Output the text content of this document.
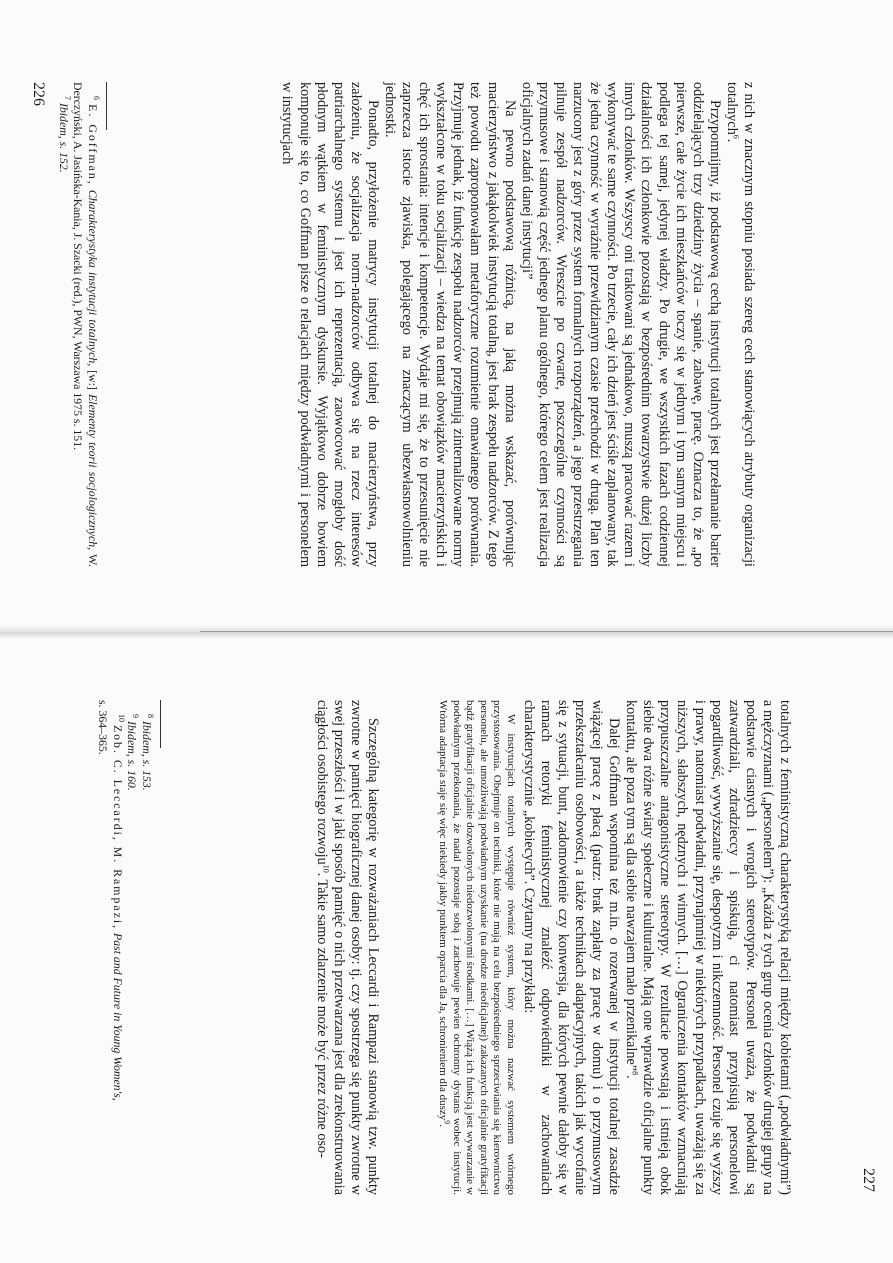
z nich w znacznym stopniu posiada szereg cech stanowiących atrybuty organizacji totalnych$^6$.

Przypomnijmy, iż podstawową cechą instytucji totalnych jest przełamanie barier oddzielających trzy dziedziny życia – spanie, zabawę, pracę. Oznacza to, że „po pierwsze, całe życie ich mieszkańców toczy się w jednym i tym samym miejscu i podlega tej samej, jedynej władzy. Po drugie, we wszystkich fazach codziennej działalności ich członkowie pozostają w bezpośrednim towarzystwie dużej liczby innych członków. Wszyscy oni traktowani są jednakowo, muszą pracować razem i wykonywać te same czynności. Po trzecie, cały ich dzień jest ściśle zaplanowany, tak że jedna czynność w wyraźnie przewidzianym czasie przechodzi w drugą. Plan ten narzucony jest z góry przez system formalnych rozporządzeń, a jego przestrzegania pilnuje zespół nadzorców. Wreszcie po czwarte, poszczególne czynności są przymusowe i stanowią część jednego planu ogólnego, którego celem jest realizacja oficjalnych zadań danej instytucji”

Na pewno podstawową różnicą, na jaką można wskazać, porównując macierzyństwo z jakąkolwiek instytucją totalną, jest brak zespołu nadzorców. Z tego też powodu zaproponowałam metaforyczne rozumienie omawianego porównania. Przyjmuję jednak, iż funkcję zespołu nadzorców przejmują zinternalizowane normy wykształcone w toku socjalizacji – wiedza na temat obowiązków macierzyńskich i chęć ich sprostania: intencje i kompetencje. Wydaje mi się, że to przesunięcie nie zaprzecza istocie zjawiska, polegającego na znaczącym ubezwłasnowolnieniu jednostki.

Ponadto, przyłożenie matrycy instytucji totalnej do macierzyństwa, przy założeniu, że socjalizacja norm-nadzorców odbywa się na rzecz interesów patriarchalnego systemu i jest ich reprezentacją, zaowocować mogłoby dość płodnym wątkiem w feministycznym dyskursie. Wyjątkowo dobrze bowiem komponuje się to, co Goffman pisze o relacjach między podwładnymi i personelem w instytucjach

$^6$ E. Goffman, Charakterystyka instytucji totalnych, [w:] Elementy teorii socjologicznych, W. Derczyński, A. Jasińska-Kania, J. Szacki (red.), PWN, Warszawa 1975 s. 151.

$^7$ Ibidem, s. 152.

226

totalnych z feministyczną charakterystyką relacji między kobietami („podwładnymi”) a mężczyznami („personelem”): „Każda z tych grup ocenia członków drugiej grupy na podstawie ciasnych i wrogich stereotypów. Personel uważa, że podwładni są zatwardziali, zdradzieccy i spiskują, ci natomiast przypisują personelowi pogardliwość, wywyższanie się, despotyzm i nikczemność. Personel czuje się wyższy i prawy, natomiast podwładni, przynajmniej w niektórych przypadkach, uważają się za niższych, słabszych, nędznych i winnych. […] Ograniczenia kontaktów wzmacniają przypuszczalne antagonistyczne stereotypy. W rezultacie powstają i istnieją obok siebie dwa różne światy społeczne i kulturalne. Mają one wprawdzie oficjalne punkty kontaktu, ale poza tym są dla siebie nawzajem mało przenikalne”$^8$.

Dalej Goffman wspomina też m.in. o rozerwanej w instytucji totalnej zasadzie wiążącej pracę z płacą (patrz: brak zapłaty za pracę w domu) i o przymusowym przekształcaniu osobowości, a także technikach adaptacyjnych, takich jak wycofanie się z sytuacji, bunt, zadomowienie czy konwersja, dla których pewnie dałoby się w ramach retoryki feministycznej znaleźć odpowiedniki w zachowaniach charakterystycznie „kobiecych”. Czytamy na przykład:

W instytucjach totalnych występuje również system, który można nazwać systemem wtórnego przystosowania. Obejmuje on techniki, które nie mają na celu bezpośredniego sprzeciwiania się kierownictwu personelu, ale umożliwiają podwładnym uzyskanie (na drodze nieoficjalnej) zakazanych oficjalnie gratyfikacji bądź gratyfikacji oficjalnie dozwolonych niedozwolonymi środkami. […] Wiążą ich funkcją jest wywarzanie w podwładnym przekonania, że nadal pozostaje sobą i zachowuje pewien ochronny dystans wobec instytucji. Wtórna adaptacja staje się więc niekiedy jakby punktem oparcia dla Ja, schronieniem dla duszy$^9$.

Szczególną kategorię w rozważaniach Leccardi i Rampazi stanowią tzw. punkty zwrotne w pamięci biograficznej danej osoby: tj. czy spostrzega się punkty zwrotne w swej przeszłości i w jaki sposób pamięć o nich przetwarzana jest dla zrekonstruowania ciągłości osobistego rozwoju$^{10}$. Takie samo zdarzenie może być przez różne oso-

$^8$ Ibidem, s. 153.

$^9$ Ibidem, s. 160.

$^{10}$ Zob. C. Leccardi, M. Rampazi, Past and Future in Young Women's,

s. 364–365.

227
